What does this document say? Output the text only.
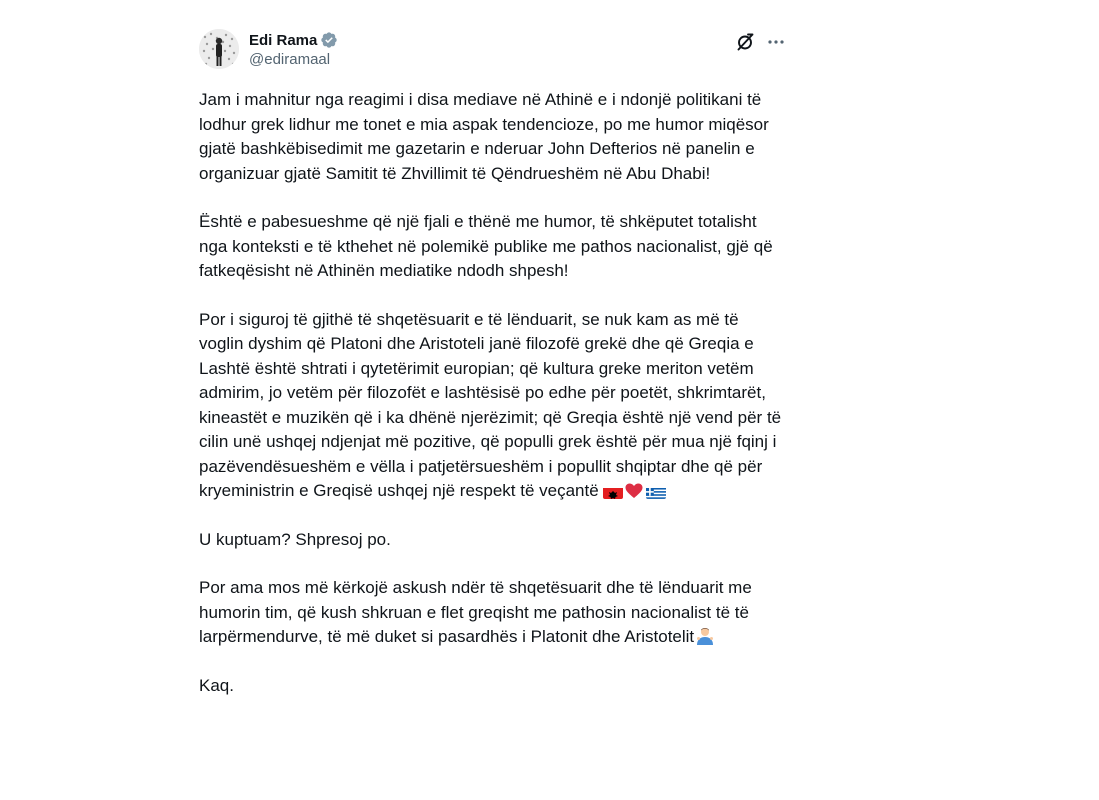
Edi Rama
@ediramaal

Jam i mahnitur nga reagimi i disa mediave në Athinë e i ndonjë politikani të lodhur grek lidhur me tonet e mia aspak tendencioze, po me humor miqësor gjatë bashkëbisedimit me gazetarin e nderuar John Defterios në panelin e organizuar gjatë Samitit të Zhvillimit të Qëndrueshëm në Abu Dhabi!

Është e pabesueshme që një fjali e thënë me humor, të shkëputet totalisht nga konteksti e të kthehet në polemikë publike me pathos nacionalist, gjë që fatkeqësisht në Athinën mediatike ndodh shpesh!

Por i siguroj të gjithë të shqetësuarit e të lënduarit, se nuk kam as më të voglin dyshim që Platoni dhe Aristoteli janë filozofë grekë dhe që Greqia e Lashtë është shtrati i qytetërimit europian; që kultura greke meriton vetëm admirim, jo vetëm për filozofët e lashtësisë po edhe për poetët, shkrimtarët, kineastët e muzikën që i ka dhënë njerëzimit; që Greqia është një vend për të cilin unë ushqej ndjenjat më pozitive, që populli grek është për mua një fqinj i pazëvendësueshëm e vëlla i patjetërsueshëm i popullit shqiptar dhe që për kryeministrin e Greqisë ushqej një respekt të veçantë

U kuptuam? Shpresoj po.

Por ama mos më kërkojë askush ndër të shqetësuarit dhe të lënduarit me humorin tim, që kush shkruan e flet greqisht me pathosin nacionalist të të larpërmendurve, të më duket si pasardhës i Platonit dhe Aristotelit

Kaq.
